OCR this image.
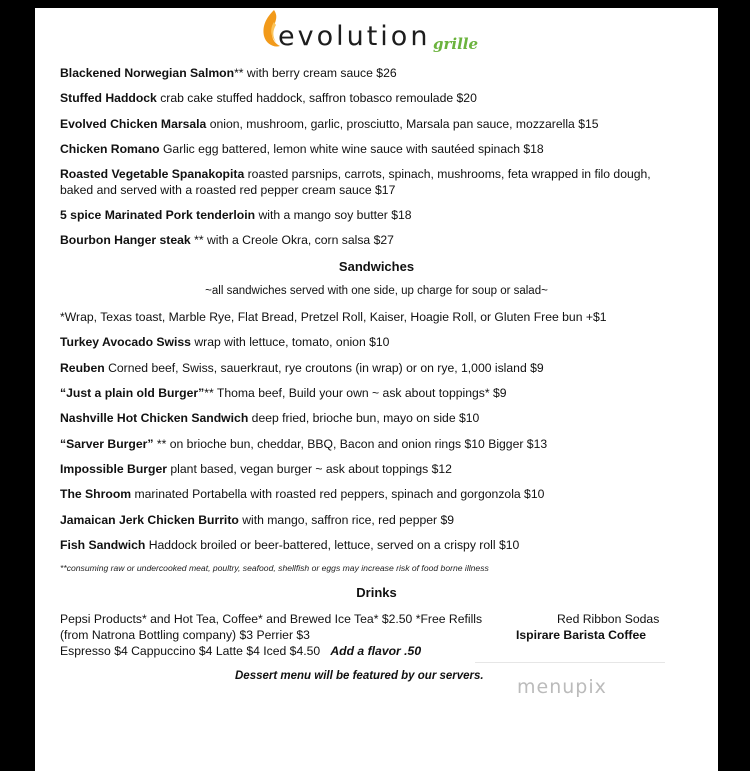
evolution grille
Blackened Norwegian Salmon** with berry cream sauce $26
Stuffed Haddock crab cake stuffed haddock, saffron tobasco remoulade $20
Evolved Chicken Marsala onion, mushroom, garlic, prosciutto, Marsala pan sauce, mozzarella $15
Chicken Romano Garlic egg battered, lemon white wine sauce with sautéed spinach $18
Roasted Vegetable Spanakopita roasted parsnips, carrots, spinach, mushrooms, feta wrapped in filo dough,
baked and served with a roasted red pepper cream sauce $17
5 spice Marinated Pork tenderloin with a mango soy butter $18
Bourbon Hanger steak ** with a Creole Okra, corn salsa $27
Sandwiches
~all sandwiches served with one side, up charge for soup or salad~
*Wrap, Texas toast, Marble Rye, Flat Bread, Pretzel Roll, Kaiser, Hoagie Roll, or Gluten Free bun +$1
Turkey Avocado Swiss wrap with lettuce, tomato, onion $10
Reuben Corned beef, Swiss, sauerkraut, rye croutons (in wrap) or on rye, 1,000 island $9
“Just a plain old Burger”** Thoma beef, Build your own ~ ask about toppings* $9
Nashville Hot Chicken Sandwich deep fried, brioche bun, mayo on side $10
“Sarver Burger” ** on brioche bun, cheddar, BBQ, Bacon and onion rings $10 Bigger $13
Impossible Burger plant based, vegan burger ~ ask about toppings $12
The Shroom marinated Portabella with roasted red peppers, spinach and gorgonzola $10
Jamaican Jerk Chicken Burrito with mango, saffron rice, red pepper $9
Fish Sandwich Haddock broiled or beer-battered, lettuce, served on a crispy roll $10
**consuming raw or undercooked meat, poultry, seafood, shellfish or eggs may increase risk of food borne illness
Drinks
Pepsi Products* and Hot Tea, Coffee* and Brewed Ice Tea* $2.50 *Free Refills	Red Ribbon Sodas
(from Natrona Bottling company) $3 Perrier $3	Ispirare Barista Coffee
Espresso $4 Cappuccino $4 Latte $4 Iced $4.50 Add a flavor .50
Dessert menu will be featured by our servers. menupix
